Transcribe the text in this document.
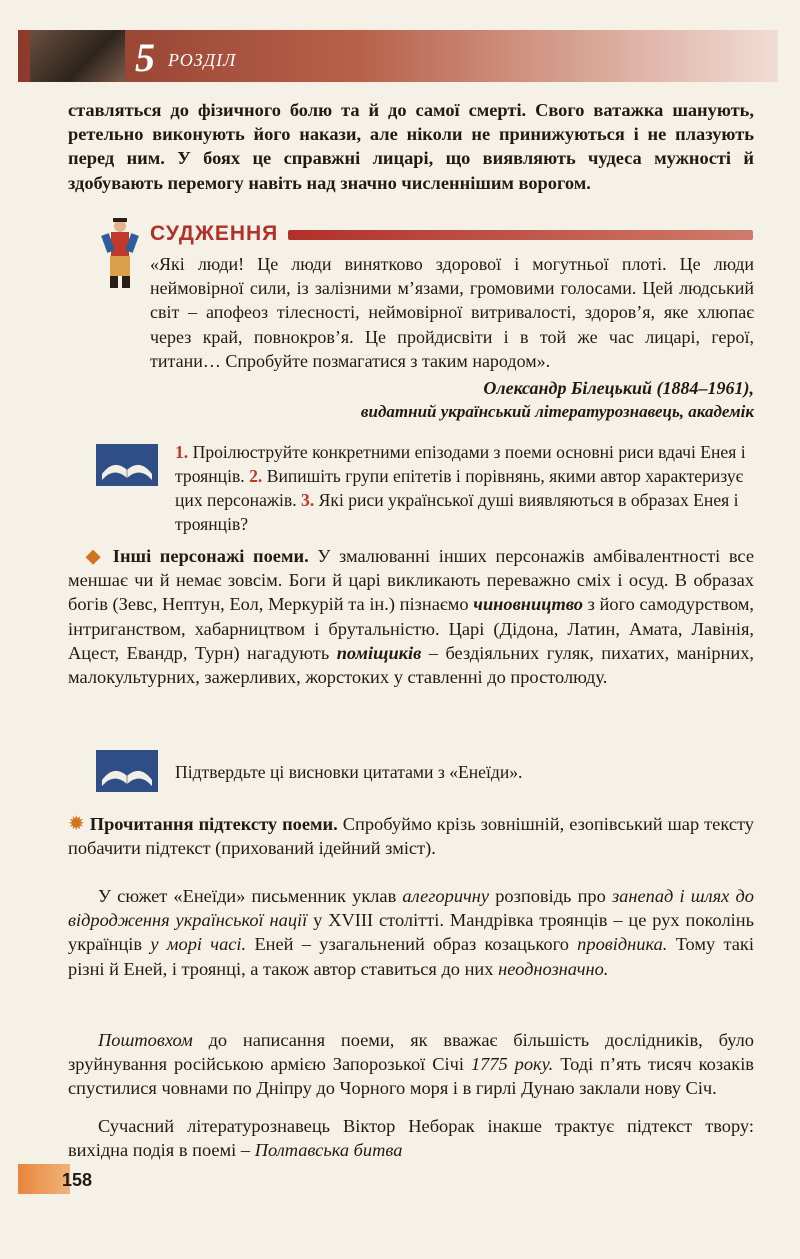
5 РОЗДІЛ

ставляться до фізичного болю та й до самої смерті. Свого ватажка шанують, ретельно виконують його накази, але ніколи не принижуються і не плазують перед ним. У боях це справжні лицарі, що виявляють чудеса мужності й здобувають перемогу навіть над значно численнішим ворогом.

СУДЖЕННЯ

«Які люди! Це люди винятково здорової і могутньої плоті. Це люди неймовірної сили, із залізними м’язами, громовими голосами. Цей людський світ – апофеоз тілесності, неймовірної витривалості, здоров’я, яке хлюпає через край, повнокров’я. Це пройдисвіти і в той же час лицарі, герої, титани… Спробуйте позмагатися з таким народом».

Олександр Білецький (1884–1961),
видатний український літературознавець, академік

1. Проілюструйте конкретними епізодами з поеми основні риси вдачі Енея і троянців. 2. Випишіть групи епітетів і порівнянь, якими автор характеризує цих персонажів. 3. Які риси української душі виявляються в образах Енея і троянців?

◆ Інші персонажі поеми. У змалюванні інших персонажів амбівалентності все меншає чи й немає зовсім. Боги й царі викликають переважно сміх і осуд. В образах богів (Зевс, Нептун, Еол, Меркурій та ін.) пізнаємо чиновництво з його самодурством, інтриганством, хабарництвом і брутальністю. Царі (Дідона, Латин, Амата, Лавінія, Ацест, Евандр, Турн) нагадують поміщиків – бездіяльних гуляк, пихатих, манірних, малокультурних, зажерливих, жорстоких у ставленні до простолюду.

Підтвердьте ці висновки цитатами з «Енеїди».

✹ Прочитання підтексту поеми. Спробуймо крізь зовнішній, езопівський шар тексту побачити підтекст (прихований ідейний зміст).

У сюжет «Енеїди» письменник уклав алегоричну розповідь про занепад і шлях до відродження української нації у XVIII столітті. Мандрівка троянців – це рух поколінь українців у морі часі. Еней – узагальнений образ козацького провідника. Тому такі різні й Еней, і троянці, а також автор ставиться до них неоднозначно.

Поштовхом до написання поеми, як вважає більшість дослідників, було зруйнування російською армією Запорозької Січі 1775 року. Тоді п’ять тисяч козаків спустилися човнами по Дніпру до Чорного моря і в гирлі Дунаю заклали нову Січ.

Сучасний літературознавець Віктор Неборак інакше трактує підтекст твору: вихідна подія в поемі – Полтавська битва

158
